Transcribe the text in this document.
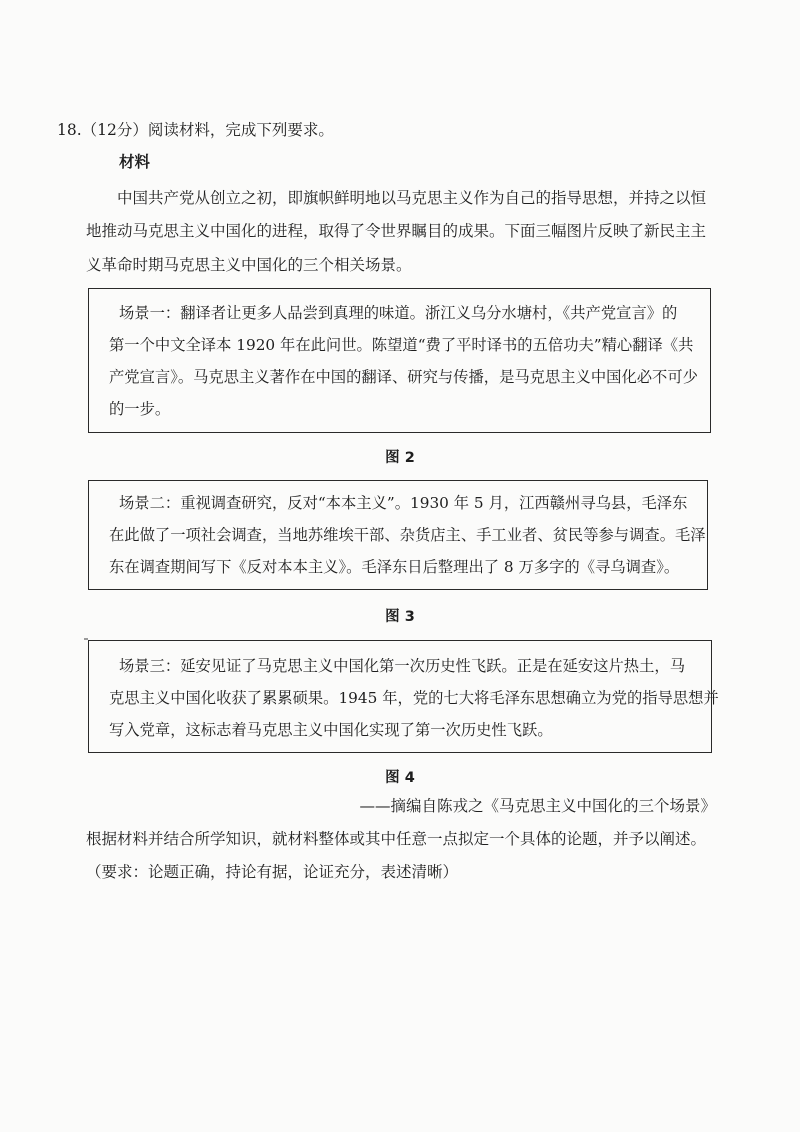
18.（12分）阅读材料，完成下列要求。
材料
中国共产党从创立之初，即旗帜鲜明地以马克思主义作为自己的指导思想，并持之以恒
地推动马克思主义中国化的进程，取得了令世界瞩目的成果。下面三幅图片反映了新民主主
义革命时期马克思主义中国化的三个相关场景。
场景一：翻译者让更多人品尝到真理的味道。浙江义乌分水塘村，《共产党宣言》的
第一个中文全译本 1920 年在此问世。陈望道“费了平时译书的五倍功夫”精心翻译《共
产党宣言》。马克思主义著作在中国的翻译、研究与传播，是马克思主义中国化必不可少
的一步。
图 2
场景二：重视调查研究，反对“本本主义”。1930 年 5 月，江西赣州寻乌县，毛泽东
在此做了一项社会调查，当地苏维埃干部、杂货店主、手工业者、贫民等参与调查。毛泽
东在调查期间写下《反对本本主义》。毛泽东日后整理出了 8 万多字的《寻乌调查》。
图 3
场景三：延安见证了马克思主义中国化第一次历史性飞跃。正是在延安这片热土，马
克思主义中国化收获了累累硕果。1945 年，党的七大将毛泽东思想确立为党的指导思想并
写入党章，这标志着马克思主义中国化实现了第一次历史性飞跃。
图 4
——摘编自陈戎之《马克思主义中国化的三个场景》
根据材料并结合所学知识，就材料整体或其中任意一点拟定一个具体的论题，并予以阐述。
（要求：论题正确，持论有据，论证充分，表述清晰）
